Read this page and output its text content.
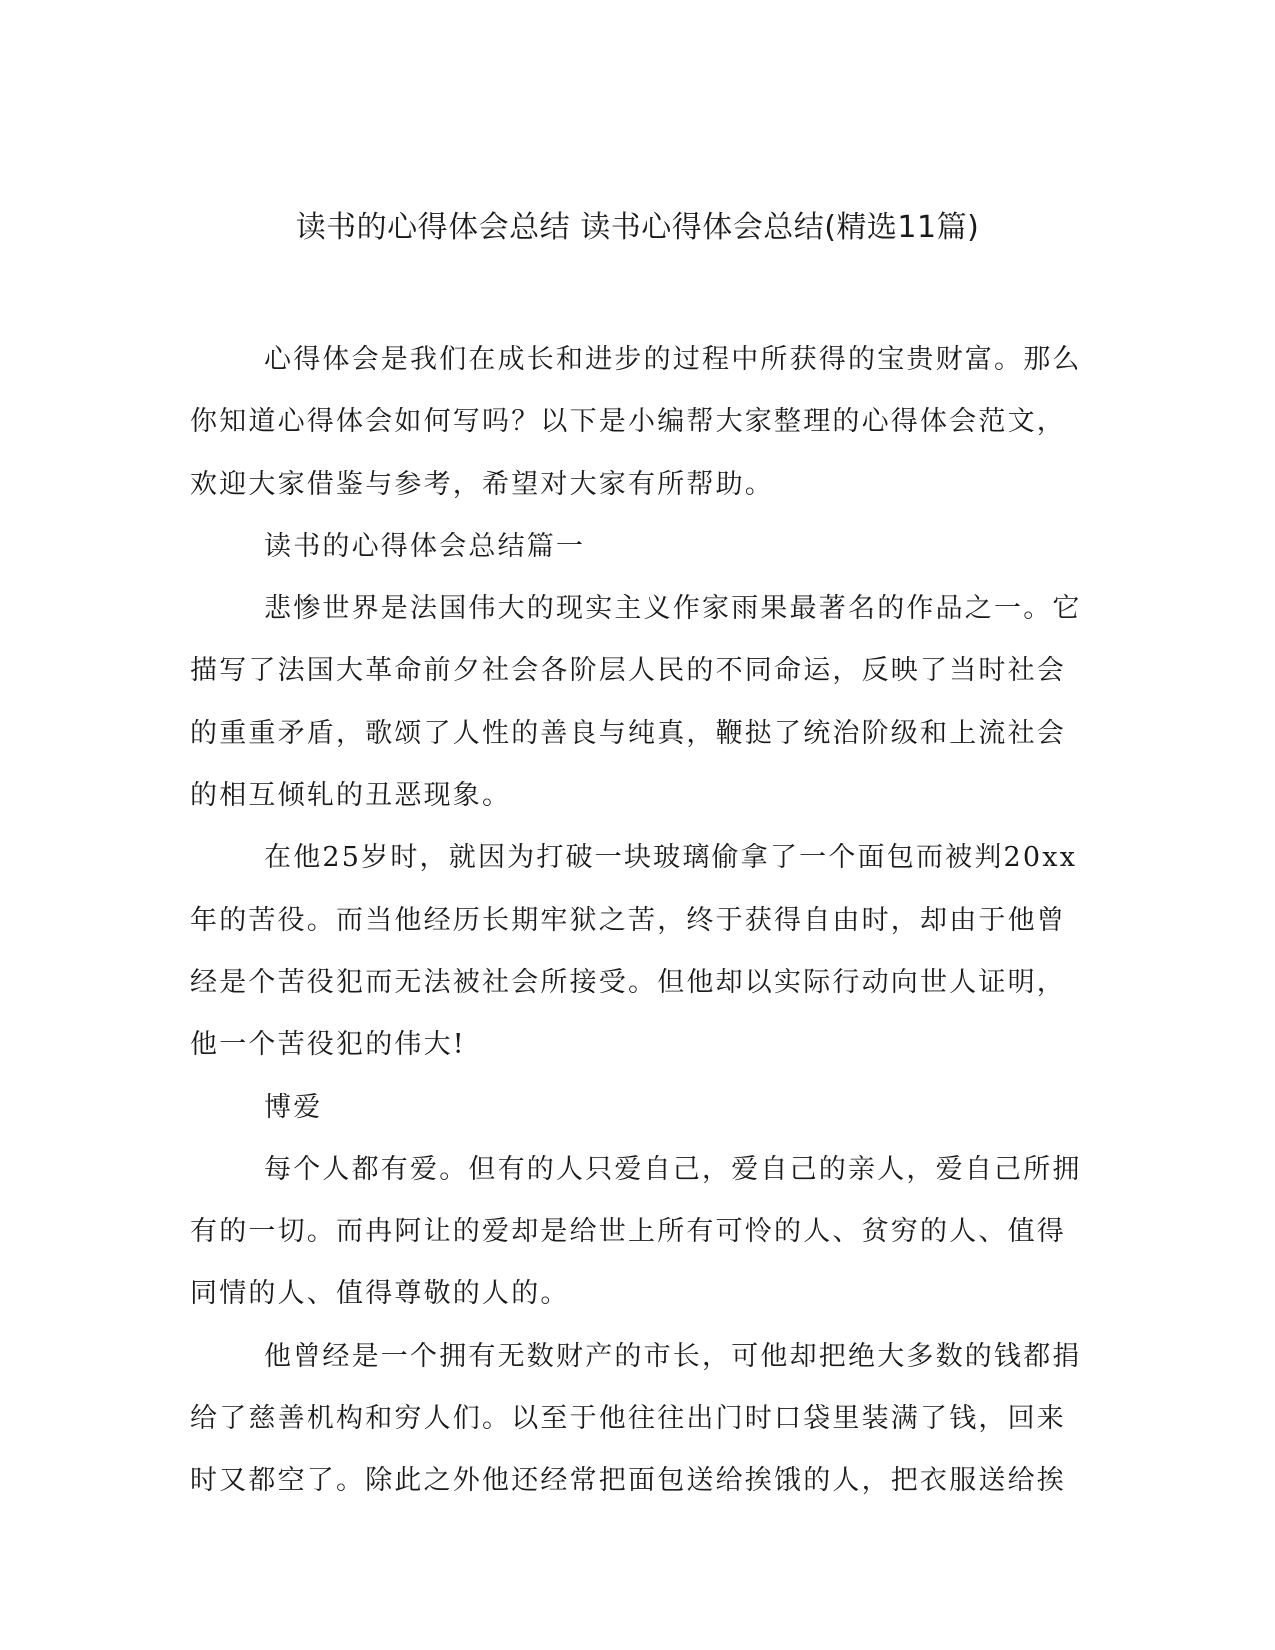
读书的心得体会总结 读书心得体会总结(精选11篇)
心得体会是我们在成长和进步的过程中所获得的宝贵财富。那么
你知道心得体会如何写吗？以下是小编帮大家整理的心得体会范文，
欢迎大家借鉴与参考，希望对大家有所帮助。
读书的心得体会总结篇一
悲惨世界是法国伟大的现实主义作家雨果最著名的作品之一。它
描写了法国大革命前夕社会各阶层人民的不同命运，反映了当时社会
的重重矛盾，歌颂了人性的善良与纯真，鞭挞了统治阶级和上流社会
的相互倾轧的丑恶现象。
在他25岁时，就因为打破一块玻璃偷拿了一个面包而被判20xx
年的苦役。而当他经历长期牢狱之苦，终于获得自由时，却由于他曾
经是个苦役犯而无法被社会所接受。但他却以实际行动向世人证明，
他一个苦役犯的伟大!
博爱
每个人都有爱。但有的人只爱自己，爱自己的亲人，爱自己所拥
有的一切。而冉阿让的爱却是给世上所有可怜的人、贫穷的人、值得
同情的人、值得尊敬的人的。
他曾经是一个拥有无数财产的市长，可他却把绝大多数的钱都捐
给了慈善机构和穷人们。以至于他往往出门时口袋里装满了钱，回来
时又都空了。除此之外他还经常把面包送给挨饿的人，把衣服送给挨
